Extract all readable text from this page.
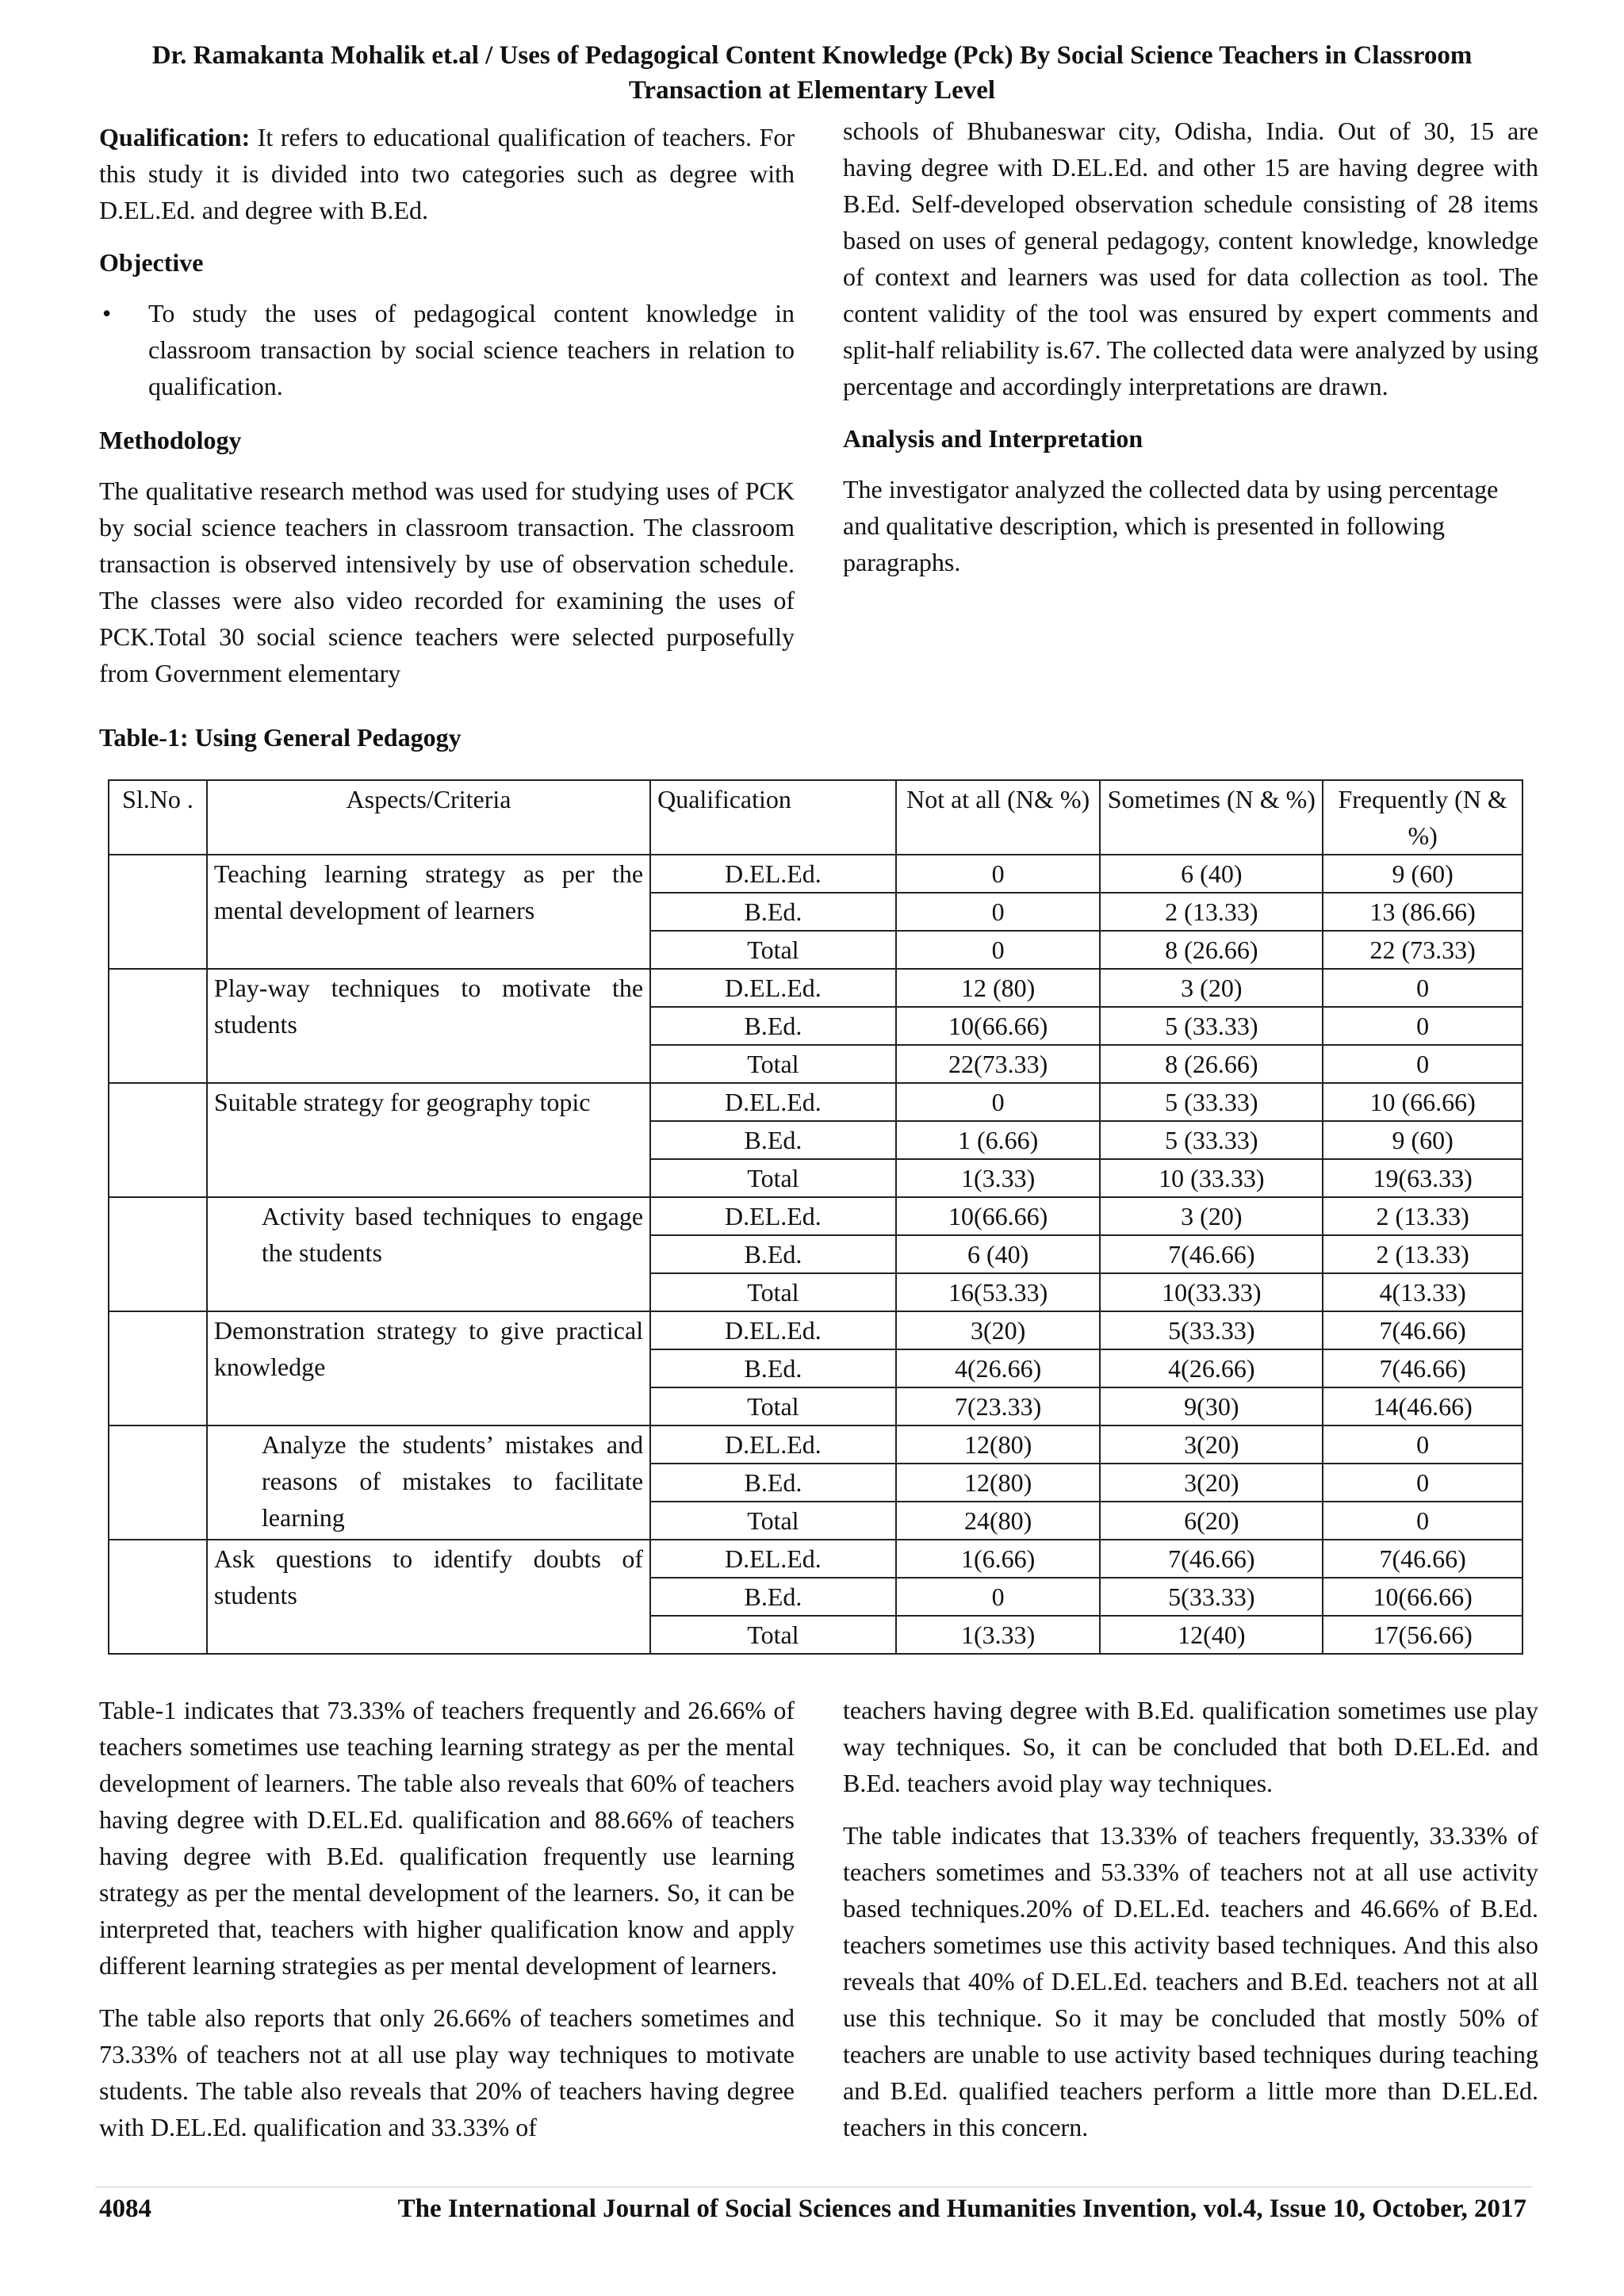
Dr. Ramakanta Mohalik et.al / Uses of Pedagogical Content Knowledge (Pck) By Social Science Teachers in Classroom
Transaction at Elementary Level

Qualification: It refers to educational qualification of teachers. For this study it is divided into two categories such as degree with D.EL.Ed. and degree with B.Ed.

Objective
•	To study the uses of pedagogical content knowledge in classroom transaction by social science teachers in relation to qualification.
Methodology

The qualitative research method was used for studying uses of PCK by social science teachers in classroom transaction. The classroom transaction is observed intensively by use of observation schedule. The classes were also video recorded for examining the uses of PCK.Total 30 social science teachers were selected purposefully from Government elementary

schools of Bhubaneswar city, Odisha, India. Out of 30, 15 are having degree with D.EL.Ed. and other 15 are having degree with B.Ed. Self-developed observation schedule consisting of 28 items based on uses of general pedagogy, content knowledge, knowledge of context and learners was used for data collection as tool. The content validity of the tool was ensured by expert comments and split-half reliability is.67. The collected data were analyzed by using percentage and accordingly interpretations are drawn.

Analysis and Interpretation

The investigator analyzed the collected data by using percentage and qualitative description, which is presented in following paragraphs.

Table-1: Using General Pedagogy
Sl.No .	Aspects/Criteria	Qualification	Not at all (N& %)	Sometimes (N & %)	Frequently (N & %)

	Teaching learning strategy as per the mental development of learners	D.EL.Ed.	0	6 (40)	9 (60)
		B.Ed.	0	2 (13.33)	13 (86.66)
		Total	0	8 (26.66)	22 (73.33)

	Play-way techniques to motivate the students	D.EL.Ed.	12 (80)	3 (20)	0
		B.Ed.	10(66.66)	5 (33.33)	0
		Total	22(73.33)	8 (26.66)	0

	Suitable strategy for geography topic	D.EL.Ed.	0	5 (33.33)	10 (66.66)
		B.Ed.	1 (6.66)	5 (33.33)	9 (60)
		Total	1(3.33)	10 (33.33)	19(63.33)

	Activity based techniques to engage the students	D.EL.Ed.	10(66.66)	3 (20)	2 (13.33)
		B.Ed.	6 (40)	7(46.66)	2 (13.33)
		Total	16(53.33)	10(33.33)	4(13.33)

	Demonstration strategy to give practical knowledge	D.EL.Ed.	3(20)	5(33.33)	7(46.66)
		B.Ed.	4(26.66)	4(26.66)	7(46.66)
		Total	7(23.33)	9(30)	14(46.66)

	Analyze the students’ mistakes and reasons of mistakes to facilitate learning	D.EL.Ed.	12(80)	3(20)	0
		B.Ed.	12(80)	3(20)	0
		Total	24(80)	6(20)	0

	Ask questions to identify doubts of students	D.EL.Ed.	1(6.66)	7(46.66)	7(46.66)
		B.Ed.	0	5(33.33)	10(66.66)
		Total	1(3.33)	12(40)	17(56.66)

Table-1 indicates that 73.33% of teachers frequently and 26.66% of teachers sometimes use teaching learning strategy as per the mental development of learners. The table also reveals that 60% of teachers having degree with D.EL.Ed. qualification and 88.66% of teachers having degree with B.Ed. qualification frequently use learning strategy as per the mental development of the learners. So, it can be interpreted that, teachers with higher qualification know and apply different learning strategies as per mental development of learners.

The table also reports that only 26.66% of teachers sometimes and 73.33% of teachers not at all use play way techniques to motivate students. The table also reveals that 20% of teachers having degree with D.EL.Ed. qualification and 33.33% of

teachers having degree with B.Ed. qualification sometimes use play way techniques. So, it can be concluded that both D.EL.Ed. and B.Ed. teachers avoid play way techniques.

The table indicates that 13.33% of teachers frequently, 33.33% of teachers sometimes and 53.33% of teachers not at all use activity based techniques.20% of D.EL.Ed. teachers and 46.66% of B.Ed. teachers sometimes use this activity based techniques. And this also reveals that 40% of D.EL.Ed. teachers and B.Ed. teachers not at all use this technique. So it may be concluded that mostly 50% of teachers are unable to use activity based techniques during teaching and B.Ed. qualified teachers perform a little more than D.EL.Ed. teachers in this concern.

4084	The International Journal of Social Sciences and Humanities Invention, vol.4, Issue 10, October, 2017
